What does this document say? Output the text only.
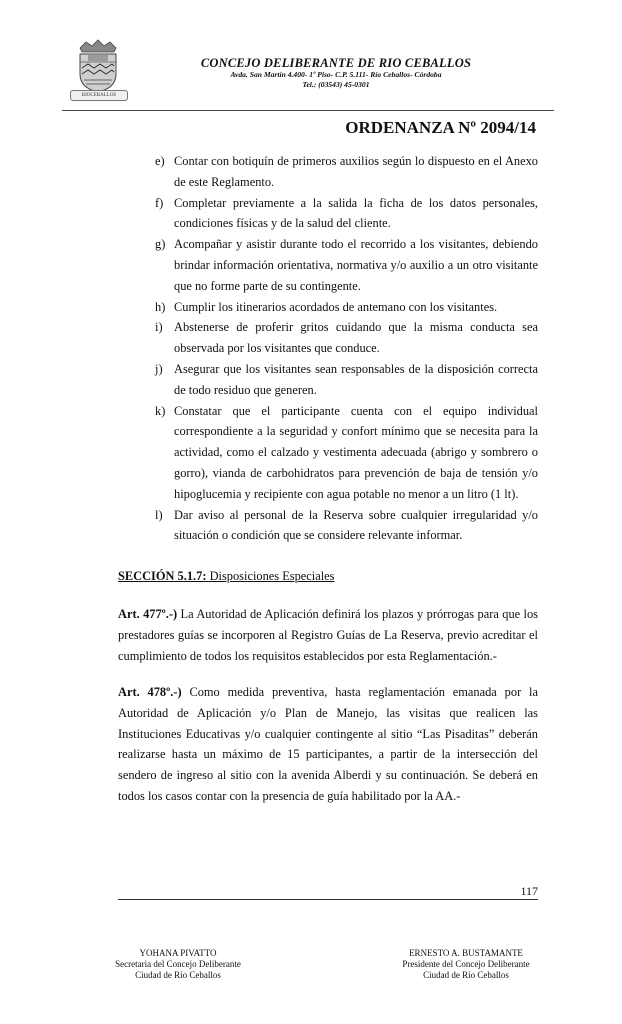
RIOCEBALLOS
CONCEJO DELIBERANTE DE RIO CEBALLOS
Avda. San Martín 4.400- 1º Piso- C.P. 5.111- Río Ceballos- Córdoba
Tel.: (03543) 45-0301
ORDENANZA Nº 2094/14
e) Contar con botiquín de primeros auxilios según lo dispuesto en el Anexo de este Reglamento.
f) Completar previamente a la salida la ficha de los datos personales, condiciones físicas y de la salud del cliente.
g) Acompañar y asistir durante todo el recorrido a los visitantes, debiendo brindar información orientativa, normativa y/o auxilio a un otro visitante que no forme parte de su contingente.
h) Cumplir los itinerarios acordados de antemano con los visitantes.
i) Abstenerse de proferir gritos cuidando que la misma conducta sea observada por los visitantes que conduce.
j) Asegurar que los visitantes sean responsables de la disposición correcta de todo residuo que generen.
k) Constatar que el participante cuenta con el equipo individual correspondiente a la seguridad y confort mínimo que se necesita para la actividad, como el calzado y vestimenta adecuada (abrigo y sombrero o gorro), vianda de carbohidratos para prevención de baja de tensión y/o hipoglucemia y recipiente con agua potable no menor a un litro (1 lt).
l) Dar aviso al personal de la Reserva sobre cualquier irregularidad y/o situación o condición que se considere relevante informar.
SECCIÓN 5.1.7: Disposiciones Especiales
Art. 477º.-) La Autoridad de Aplicación definirá los plazos y prórrogas para que los prestadores guías se incorporen al Registro Guías de La Reserva, previo acreditar el cumplimiento de todos los requisitos establecidos por esta Reglamentación.-
Art. 478º.-) Como medida preventiva, hasta reglamentación emanada por la Autoridad de Aplicación y/o Plan de Manejo, las visitas que realicen las Instituciones Educativas y/o cualquier contingente al sitio “Las Pisaditas” deberán realizarse hasta un máximo de 15 participantes, a partir de la intersección del sendero de ingreso al sitio con la avenida Alberdi y su continuación. Se deberá en todos los casos contar con la presencia de guía habilitado por la AA.-
117
YOHANA PIVATTO
Secretaria del Concejo Deliberante
Ciudad de Río Ceballos
ERNESTO A. BUSTAMANTE
Presidente del Concejo Deliberante
Ciudad de Río Ceballos
